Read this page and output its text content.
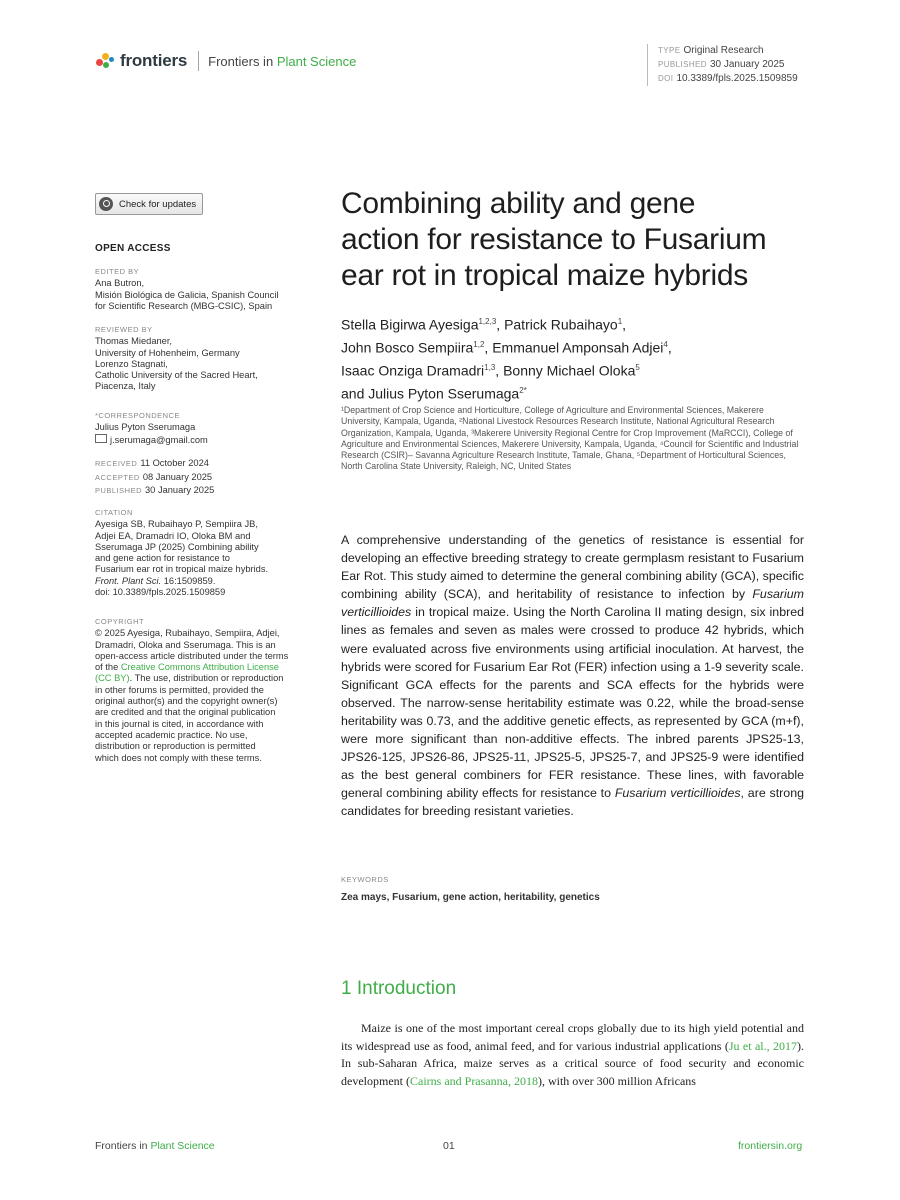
frontiers Frontiers in Plant Science
TYPE Original Research
PUBLISHED 30 January 2025
DOI 10.3389/fpls.2025.1509859
Check for updates
OPEN ACCESS
EDITED BY
Ana Butron,
Misión Biológica de Galicia, Spanish Council
for Scientific Research (MBG-CSIC), Spain
REVIEWED BY
Thomas Miedaner,
University of Hohenheim, Germany
Lorenzo Stagnati,
Catholic University of the Sacred Heart,
Piacenza, Italy
*CORRESPONDENCE
Julius Pyton Sserumaga
j.serumaga@gmail.com
RECEIVED 11 October 2024
ACCEPTED 08 January 2025
PUBLISHED 30 January 2025
CITATION
Ayesiga SB, Rubaihayo P, Sempiira JB,
Adjei EA, Dramadri IO, Oloka BM and
Sserumaga JP (2025) Combining ability
and gene action for resistance to
Fusarium ear rot in tropical maize hybrids.
Front. Plant Sci. 16:1509859.
doi: 10.3389/fpls.2025.1509859
COPYRIGHT
© 2025 Ayesiga, Rubaihayo, Sempiira, Adjei,
Dramadri, Oloka and Sserumaga. This is an
open-access article distributed under the terms
of the Creative Commons Attribution License
(CC BY). The use, distribution or reproduction
in other forums is permitted, provided the
original author(s) and the copyright owner(s)
are credited and that the original publication
in this journal is cited, in accordance with
accepted academic practice. No use,
distribution or reproduction is permitted
which does not comply with these terms.
Combining ability and gene
action for resistance to Fusarium
ear rot in tropical maize hybrids
Stella Bigirwa Ayesiga$^{1,2,3}$, Patrick Rubaihayo$^1$,
John Bosco Sempiira$^{1,2}$, Emmanuel Amponsah Adjei$^4$,
Isaac Onziga Dramadri$^{1,3}$, Bonny Michael Oloka$^5$
and Julius Pyton Sserumaga$^{2*}$
¹Department of Crop Science and Horticulture, College of Agriculture and Environmental Sciences, Makerere University, Kampala, Uganda, ²National Livestock Resources Research Institute, National Agricultural Research Organization, Kampala, Uganda, ³Makerere University Regional Centre for Crop Improvement (MaRCCI), College of Agriculture and Environmental Sciences, Makerere University, Kampala, Uganda, ⁴Council for Scientific and Industrial Research (CSIR)– Savanna Agriculture Research Institute, Tamale, Ghana, ⁵Department of Horticultural Sciences, North Carolina State University, Raleigh, NC, United States
A comprehensive understanding of the genetics of resistance is essential for developing an effective breeding strategy to create germplasm resistant to Fusarium Ear Rot. This study aimed to determine the general combining ability (GCA), specific combining ability (SCA), and heritability of resistance to infection by Fusarium verticillioides in tropical maize. Using the North Carolina II mating design, six inbred lines as females and seven as males were crossed to produce 42 hybrids, which were evaluated across five environments using artificial inoculation. At harvest, the hybrids were scored for Fusarium Ear Rot (FER) infection using a 1-9 severity scale. Significant GCA effects for the parents and SCA effects for the hybrids were observed. The narrow-sense heritability estimate was 0.22, while the broad-sense heritability was 0.73, and the additive genetic effects, as represented by GCA (m+f), were more significant than non-additive effects. The inbred parents JPS25-13, JPS26-125, JPS26-86, JPS25-11, JPS25-5, JPS25-7, and JPS25-9 were identified as the best general combiners for FER resistance. These lines, with favorable general combining ability effects for resistance to Fusarium verticillioides, are strong candidates for breeding resistant varieties.
KEYWORDS
Zea mays, Fusarium, gene action, heritability, genetics
1 Introduction
Maize is one of the most important cereal crops globally due to its high yield potential and its widespread use as food, animal feed, and for various industrial applications (Ju et al., 2017). In sub-Saharan Africa, maize serves as a critical source of food security and economic development (Cairns and Prasanna, 2018), with over 300 million Africans
Frontiers in Plant Science	01	frontiersin.org
